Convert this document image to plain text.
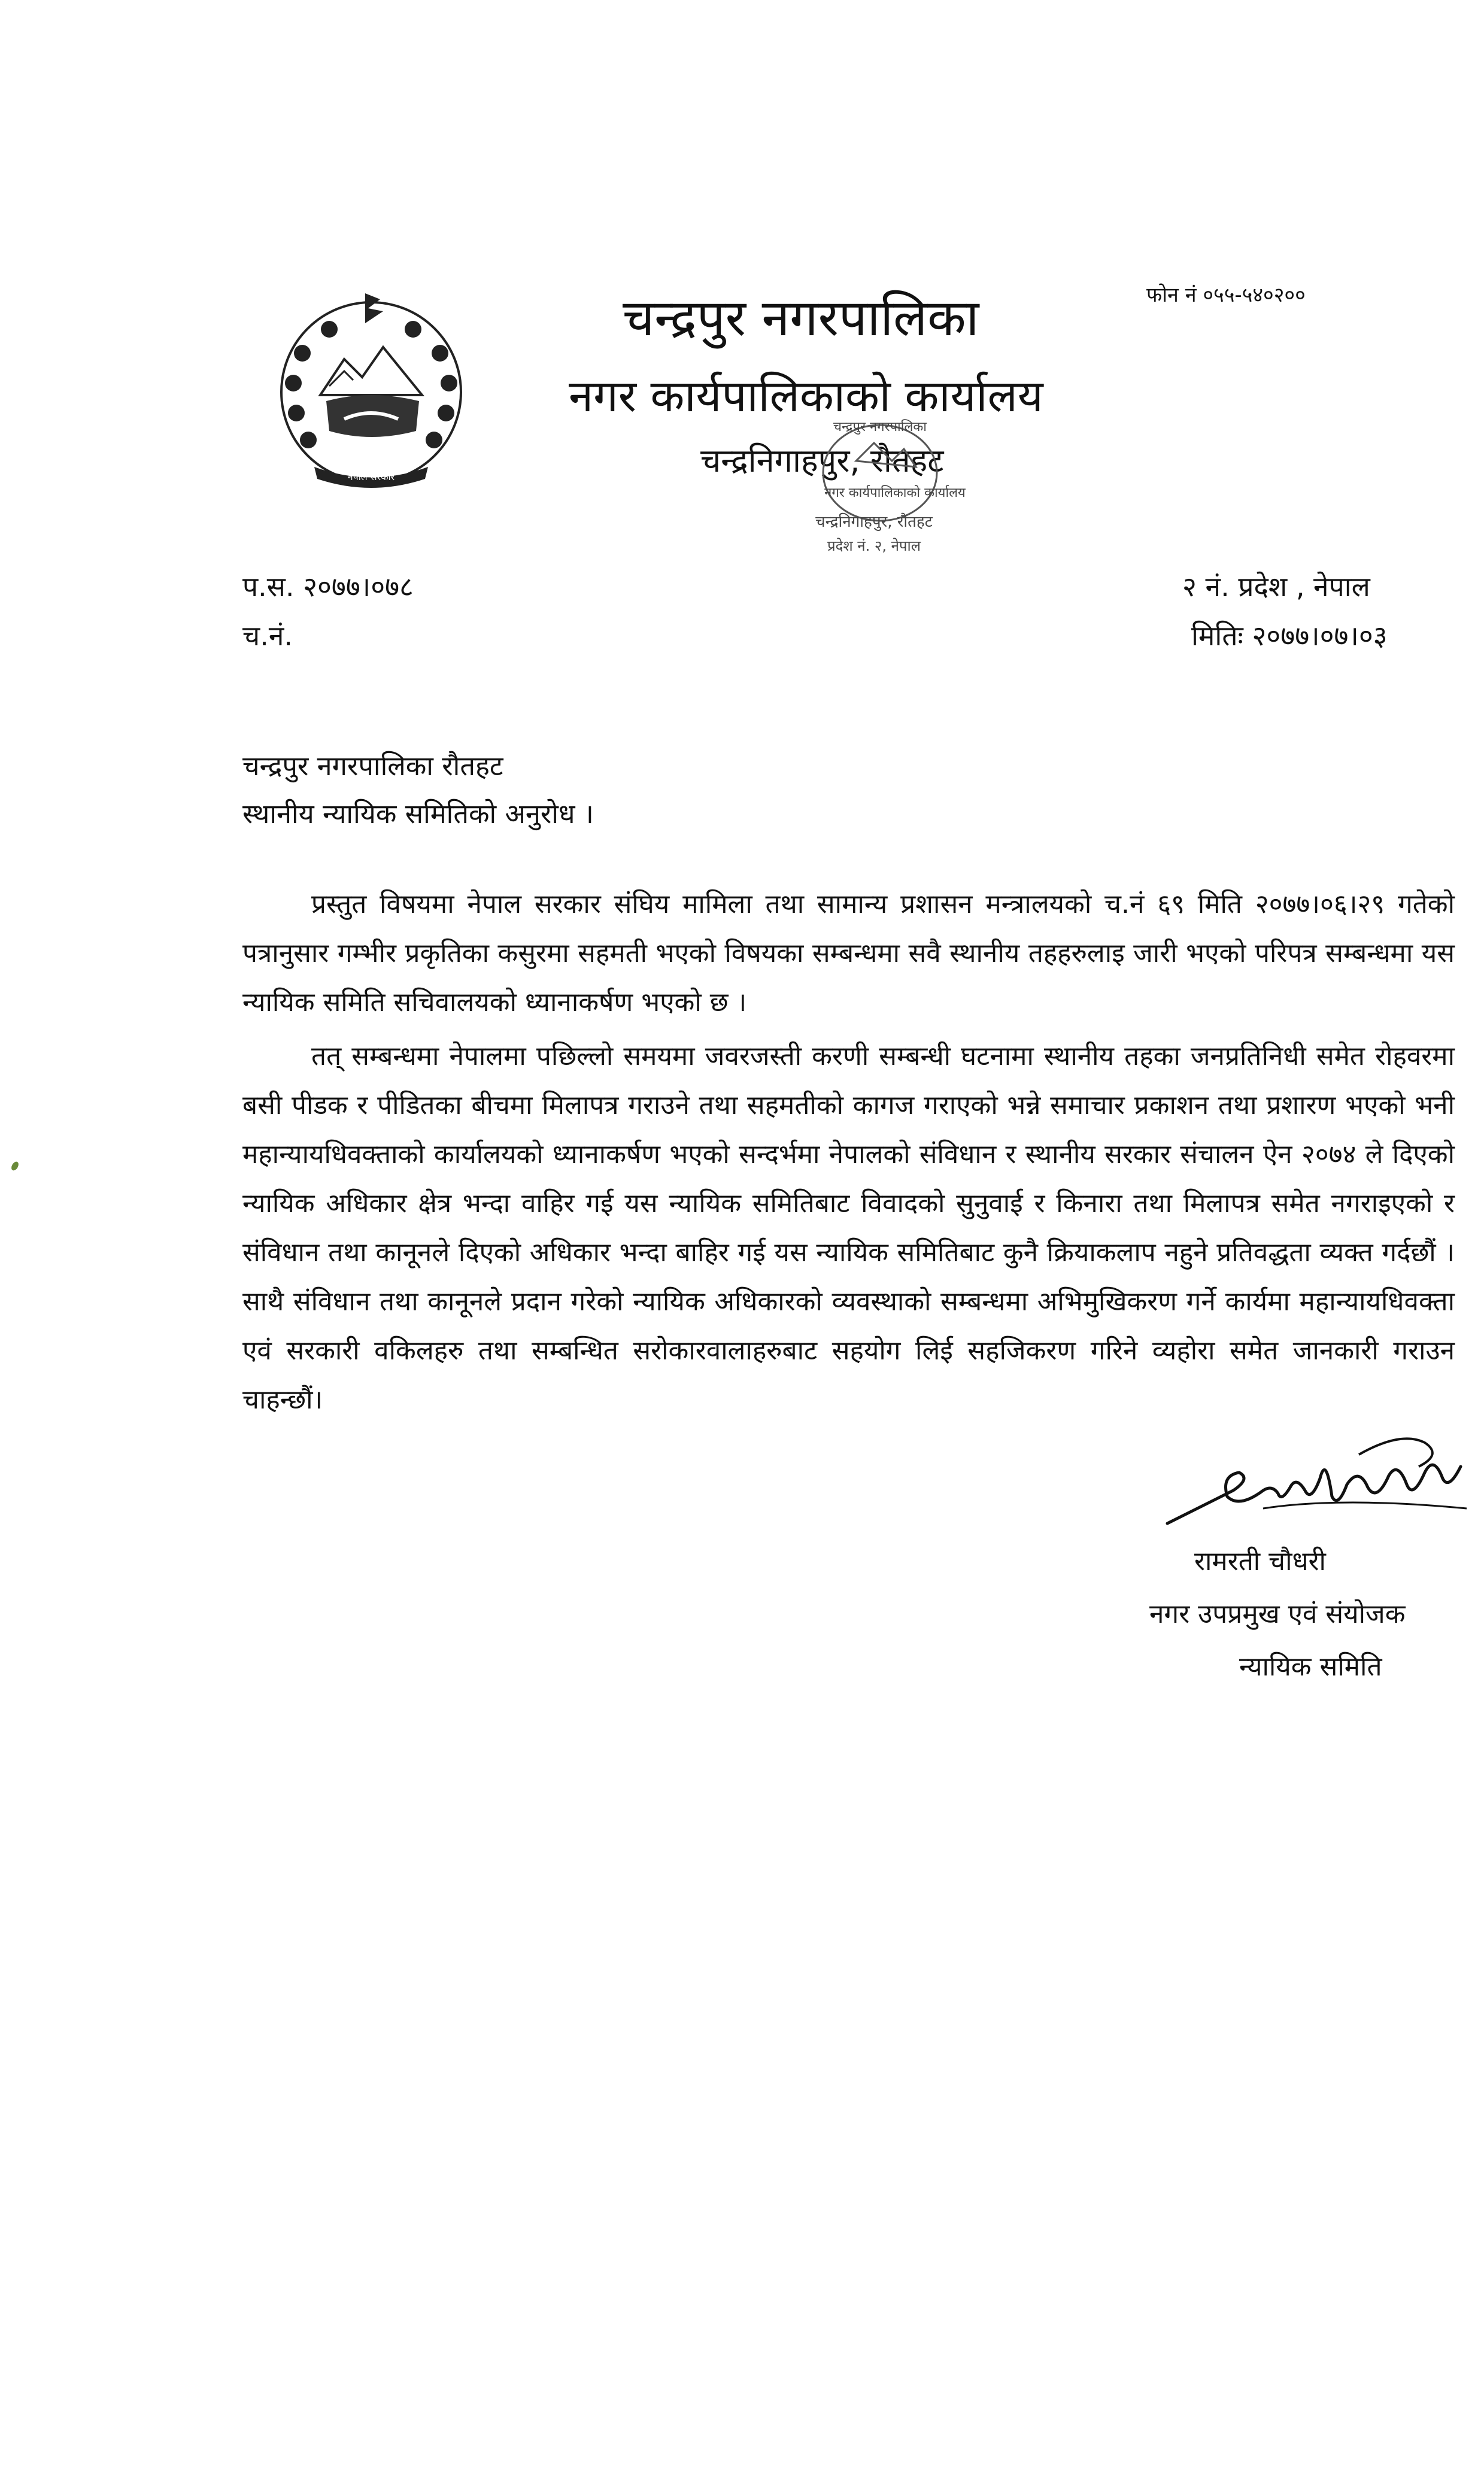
नेपाल सरकार
फोन नं ०५५-५४०२००
चन्द्रपुर नगरपालिका
नगर कार्यपालिकाको कार्यालय
चन्द्रनिगाहपुर, रौतहट
चन्द्रपुर नगरपालिका
नगर कार्यपालिकाको कार्यालय
चन्द्रनिगाहपुर, रौतहट
प्रदेश नं. २, नेपाल
प.स. २०७७।०७८
च.नं.
२ नं. प्रदेश , नेपाल
मितिः २०७७।०७।०३
चन्द्रपुर नगरपालिका रौतहट
स्थानीय न्यायिक समितिको अनुरोध ।

प्रस्तुत विषयमा नेपाल सरकार संघिय मामिला तथा सामान्य प्रशासन मन्त्रालयको च.नं ६९ मिति २०७७।०६।२९ गतेको पत्रानुसार गम्भीर प्रकृतिका कसुरमा सहमती भएको विषयका सम्बन्धमा सवै स्थानीय तहहरुलाइ जारी भएको परिपत्र सम्बन्धमा यस न्यायिक समिति सचिवालयको ध्यानाकर्षण भएको छ ।

तत् सम्बन्धमा नेपालमा पछिल्लो समयमा जवरजस्ती करणी सम्बन्धी घटनामा स्थानीय तहका जनप्रतिनिधी समेत रोहवरमा बसी पीडक र पीडितका बीचमा मिलापत्र गराउने तथा सहमतीको कागज गराएको भन्ने समाचार प्रकाशन तथा प्रशारण भएको भनी महान्यायधिवक्ताको कार्यालयको ध्यानाकर्षण भएको सन्दर्भमा नेपालको संविधान र स्थानीय सरकार संचालन ऐन २०७४ ले दिएको न्यायिक अधिकार क्षेत्र भन्दा वाहिर गई यस न्यायिक समितिबाट विवादको सुनुवाई र किनारा तथा मिलापत्र समेत नगराइएको र संविधान तथा कानूनले दिएको अधिकार भन्दा बाहिर गई यस न्यायिक समितिबाट कुनै क्रियाकलाप नहुने प्रतिवद्धता व्यक्त गर्दछौं । साथै संविधान तथा कानूनले प्रदान गरेको न्यायिक अधिकारको व्यवस्थाको सम्बन्धमा अभिमुखिकरण गर्ने कार्यमा महान्यायधिवक्ता एवं सरकारी वकिलहरु तथा सम्बन्धित सरोकारवालाहरुबाट सहयोग लिई सहजिकरण गरिने व्यहोरा समेत जानकारी गराउन चाहन्छौं।

रामरती चौधरी
नगर उपप्रमुख एवं संयोजक
न्यायिक समिति
